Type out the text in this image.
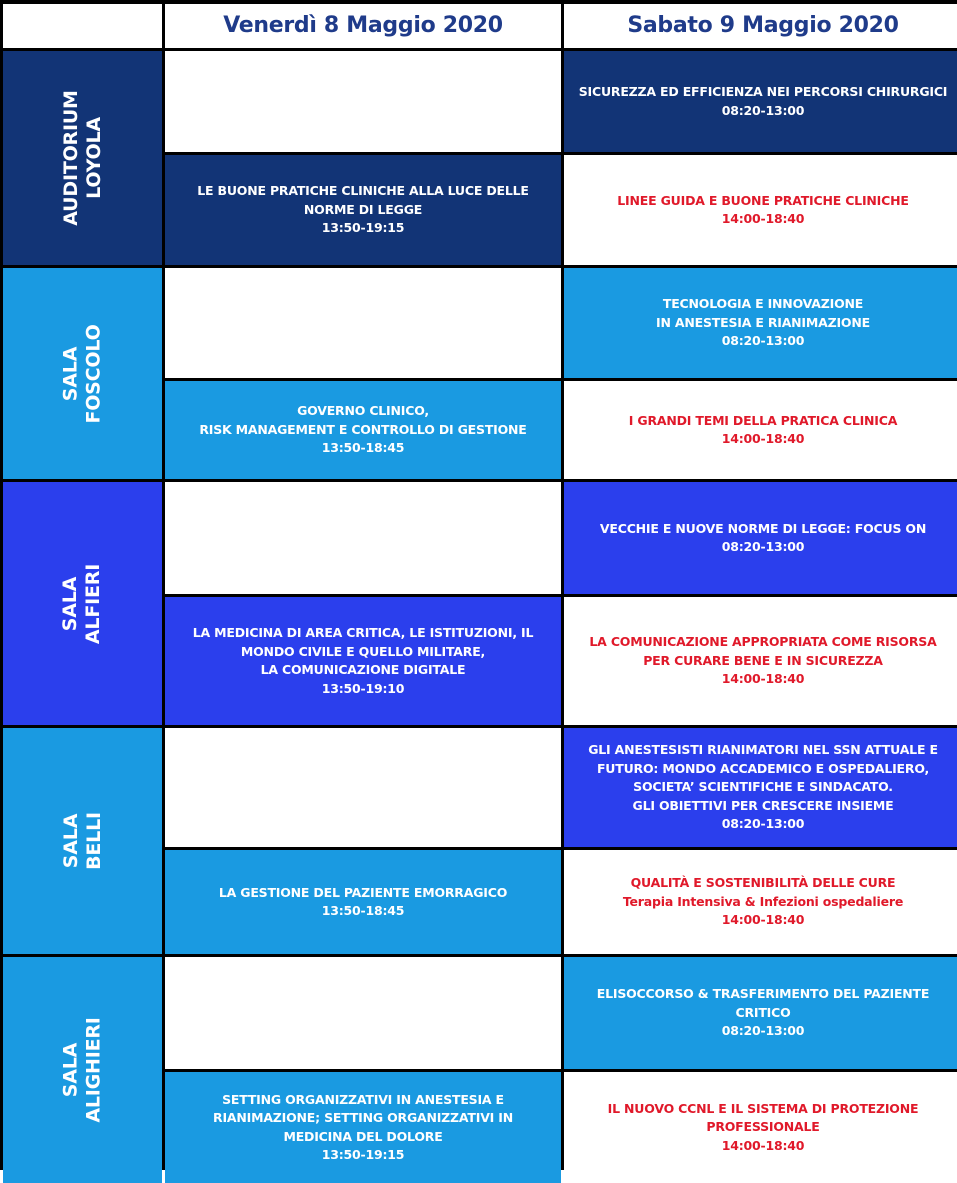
Venerdì 8 Maggio 2020	Sabato 9 Maggio 2020
AUDITORIUM LOYOLA
SICUREZZA ED EFFICIENZA NEI PERCORSI CHIRURGICI
08:20-13:00
LE BUONE PRATICHE CLINICHE ALLA LUCE DELLE
NORME DI LEGGE
13:50-19:15
LINEE GUIDA E BUONE PRATICHE CLINICHE
14:00-18:40
SALA FOSCOLO
TECNOLOGIA E INNOVAZIONE
IN ANESTESIA E RIANIMAZIONE
08:20-13:00
GOVERNO CLINICO,
RISK MANAGEMENT E CONTROLLO DI GESTIONE
13:50-18:45
I GRANDI TEMI DELLA PRATICA CLINICA
14:00-18:40
SALA ALFIERI
VECCHIE E NUOVE NORME DI LEGGE: FOCUS ON
08:20-13:00
LA MEDICINA DI AREA CRITICA, LE ISTITUZIONI, IL
MONDO CIVILE E QUELLO MILITARE,
LA COMUNICAZIONE DIGITALE
13:50-19:10
LA COMUNICAZIONE APPROPRIATA COME RISORSA
PER CURARE BENE E IN SICUREZZA
14:00-18:40
SALA BELLI
GLI ANESTESISTI RIANIMATORI NEL SSN ATTUALE E
FUTURO: MONDO ACCADEMICO E OSPEDALIERO,
SOCIETA’ SCIENTIFICHE E SINDACATO.
GLI OBIETTIVI PER CRESCERE INSIEME
08:20-13:00
LA GESTIONE DEL PAZIENTE EMORRAGICO
13:50-18:45
QUALITÀ E SOSTENIBILITÀ DELLE CURE
Terapia Intensiva & Infezioni ospedaliere
14:00-18:40
SALA ALIGHIERI
ELISOCCORSO & TRASFERIMENTO DEL PAZIENTE
CRITICO
08:20-13:00
SETTING ORGANIZZATIVI IN ANESTESIA E
RIANIMAZIONE; SETTING ORGANIZZATIVI IN
MEDICINA DEL DOLORE
13:50-19:15
IL NUOVO CCNL E IL SISTEMA DI PROTEZIONE
PROFESSIONALE
14:00-18:40
